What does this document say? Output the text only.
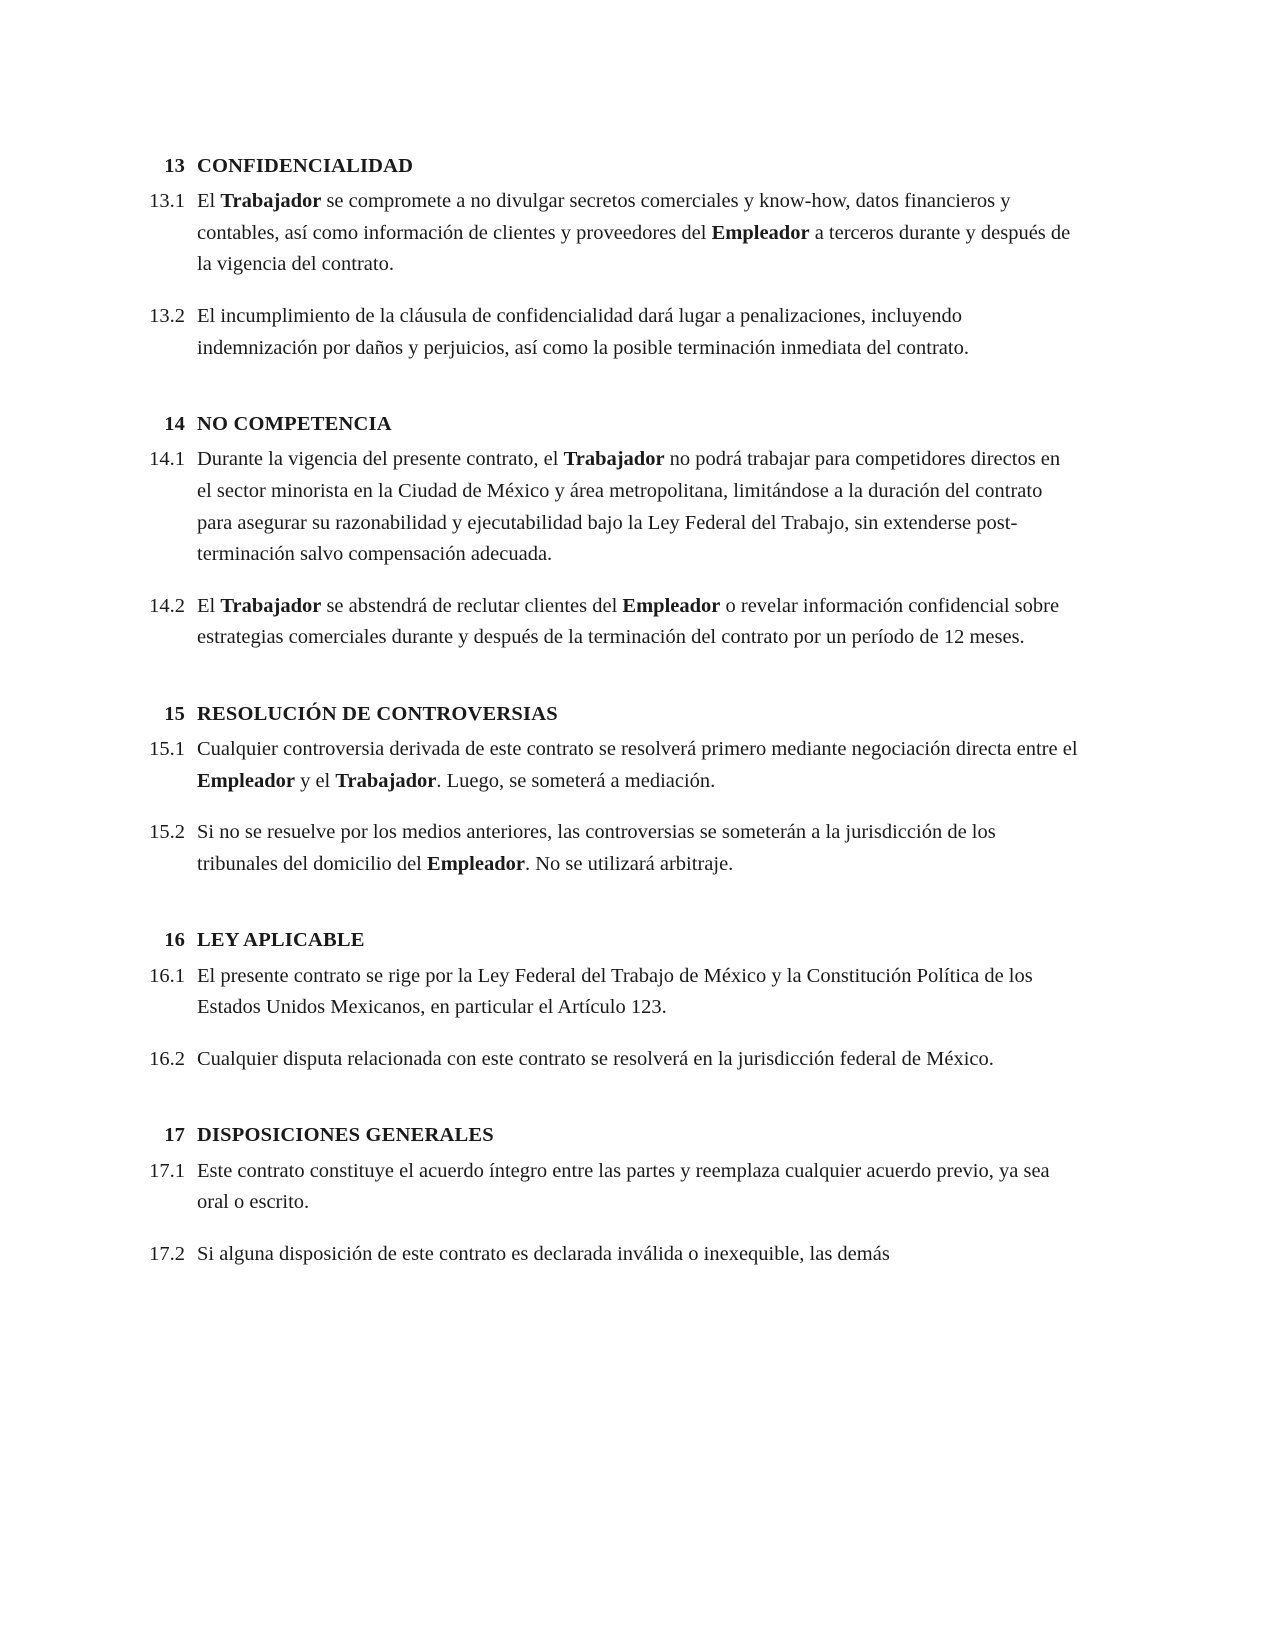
13 CONFIDENCIALIDAD
13.1 El Trabajador se compromete a no divulgar secretos comerciales y know-how, datos financieros y contables, así como información de clientes y proveedores del Empleador a terceros durante y después de la vigencia del contrato.
13.2 El incumplimiento de la cláusula de confidencialidad dará lugar a penalizaciones, incluyendo indemnización por daños y perjuicios, así como la posible terminación inmediata del contrato.
14 NO COMPETENCIA
14.1 Durante la vigencia del presente contrato, el Trabajador no podrá trabajar para competidores directos en el sector minorista en la Ciudad de México y área metropolitana, limitándose a la duración del contrato para asegurar su razonabilidad y ejecutabilidad bajo la Ley Federal del Trabajo, sin extenderse post-terminación salvo compensación adecuada.
14.2 El Trabajador se abstendrá de reclutar clientes del Empleador o revelar información confidencial sobre estrategias comerciales durante y después de la terminación del contrato por un período de 12 meses.
15 RESOLUCIÓN DE CONTROVERSIAS
15.1 Cualquier controversia derivada de este contrato se resolverá primero mediante negociación directa entre el Empleador y el Trabajador. Luego, se someterá a mediación.
15.2 Si no se resuelve por los medios anteriores, las controversias se someterán a la jurisdicción de los tribunales del domicilio del Empleador. No se utilizará arbitraje.
16 LEY APLICABLE
16.1 El presente contrato se rige por la Ley Federal del Trabajo de México y la Constitución Política de los Estados Unidos Mexicanos, en particular el Artículo 123.
16.2 Cualquier disputa relacionada con este contrato se resolverá en la jurisdicción federal de México.
17 DISPOSICIONES GENERALES
17.1 Este contrato constituye el acuerdo íntegro entre las partes y reemplaza cualquier acuerdo previo, ya sea oral o escrito.
17.2 Si alguna disposición de este contrato es declarada inválida o inexequible, las demás
